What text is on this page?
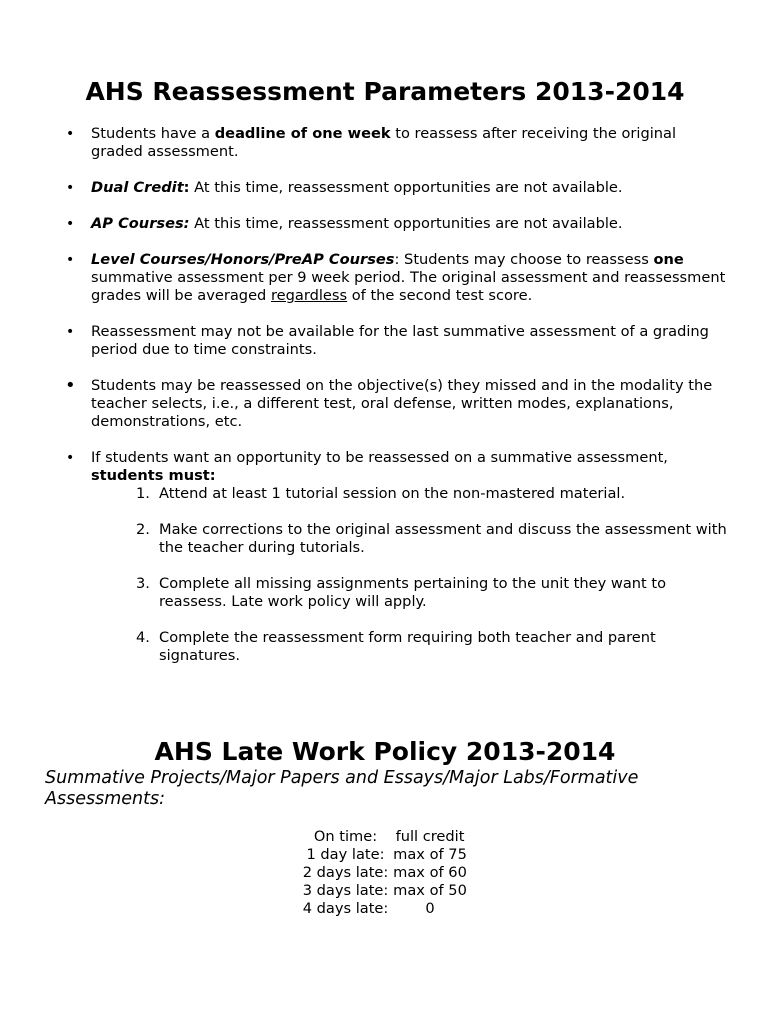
AHS Reassessment Parameters 2013-2014
• Students have a deadline of one week to reassess after receiving the original graded assessment.
• Dual Credit: At this time, reassessment opportunities are not available.
• AP Courses: At this time, reassessment opportunities are not available.
• Level Courses/Honors/PreAP Courses: Students may choose to reassess one summative assessment per 9 week period. The original assessment and reassessment grades will be averaged regardless of the second test score.
• Reassessment may not be available for the last summative assessment of a grading period due to time constraints.
• Students may be reassessed on the objective(s) they missed and in the modality the teacher selects, i.e., a different test, oral defense, written modes, explanations, demonstrations, etc.
• If students want an opportunity to be reassessed on a summative assessment, students must:
1. Attend at least 1 tutorial session on the non-mastered material.
2. Make corrections to the original assessment and discuss the assessment with the teacher during tutorials.
3. Complete all missing assignments pertaining to the unit they want to reassess. Late work policy will apply.
4. Complete the reassessment form requiring both teacher and parent signatures.
AHS Late Work Policy 2013-2014
Summative Projects/Major Papers and Essays/Major Labs/Formative Assessments:
On time:	full credit
1 day late:	max of 75
2 days late:	max of 60
3 days late:	max of 50
4 days late:	0
